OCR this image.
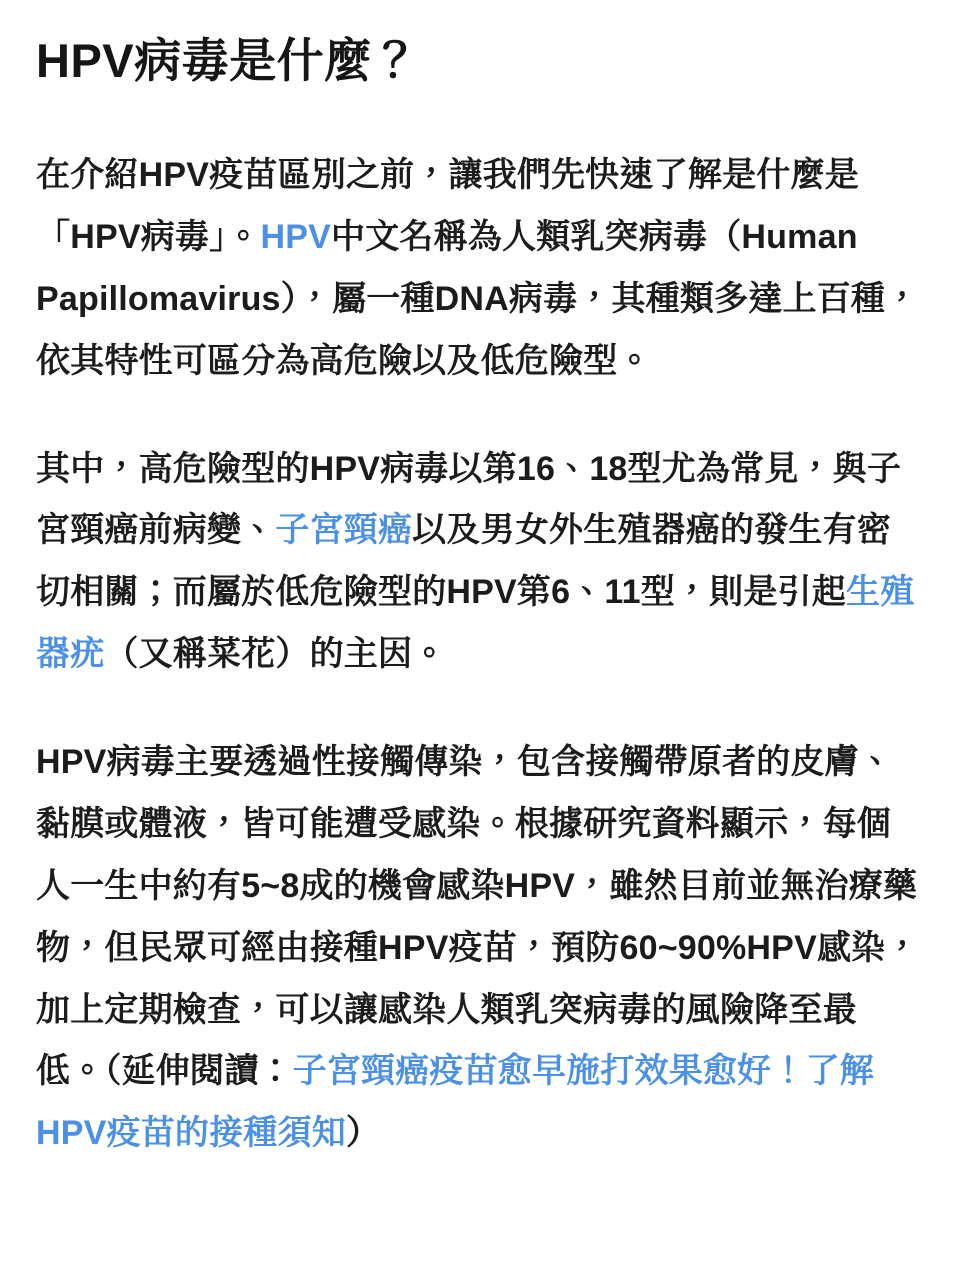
HPV病毒是什麼？

在介紹HPV疫苗區別之前，讓我們先快速了解是什麼是「HPV病毒」。HPV中文名稱為人類乳突病毒（Human Papillomavirus），屬一種DNA病毒，其種類多達上百種，依其特性可區分為高危險以及低危險型。

其中，高危險型的HPV病毒以第16、18型尤為常見，與子宮頸癌前病變、子宮頸癌以及男女外生殖器癌的發生有密切相關；而屬於低危險型的HPV第6、11型，則是引起生殖器疣（又稱菜花）的主因。

HPV病毒主要透過性接觸傳染，包含接觸帶原者的皮膚、黏膜或體液，皆可能遭受感染。根據研究資料顯示，每個人一生中約有5~8成的機會感染HPV，雖然目前並無治療藥物，但民眾可經由接種HPV疫苗，預防60~90%HPV感染，加上定期檢查，可以讓感染人類乳突病毒的風險降至最低。（延伸閱讀：子宮頸癌疫苗愈早施打效果愈好！了解HPV疫苗的接種須知）
